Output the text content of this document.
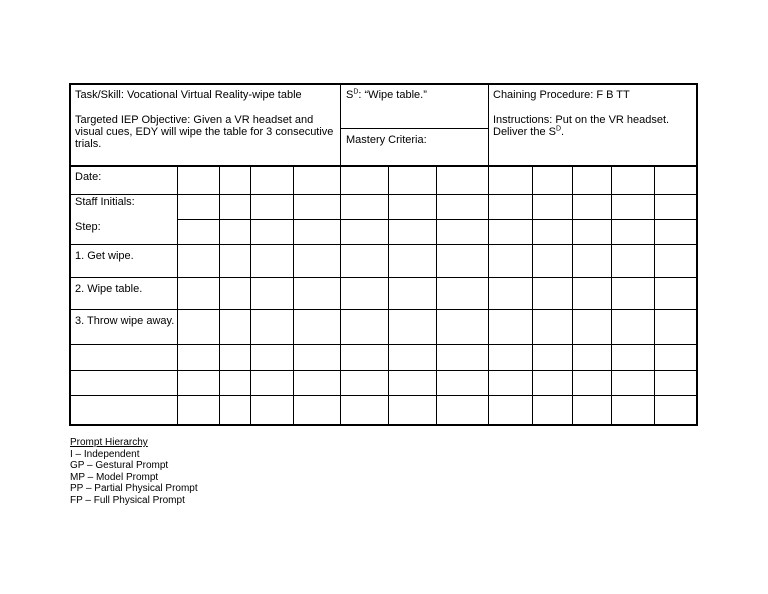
Task/Skill: Vocational Virtual Reality-wipe table
Targeted IEP Objective: Given a VR headset and
visual cues, EDY will wipe the table for 3 consecutive
trials.
$S^D$: “Wipe table.”
Mastery Criteria:
Chaining Procedure: F B TT
Instructions: Put on the VR headset.
Deliver the $S^D$.
Date:
Staff Initials:
Step:
1. Get wipe.
2. Wipe table.
3. Throw wipe away.
Prompt Hierarchy
I – Independent
GP – Gestural Prompt
MP – Model Prompt
PP – Partial Physical Prompt
FP – Full Physical Prompt
